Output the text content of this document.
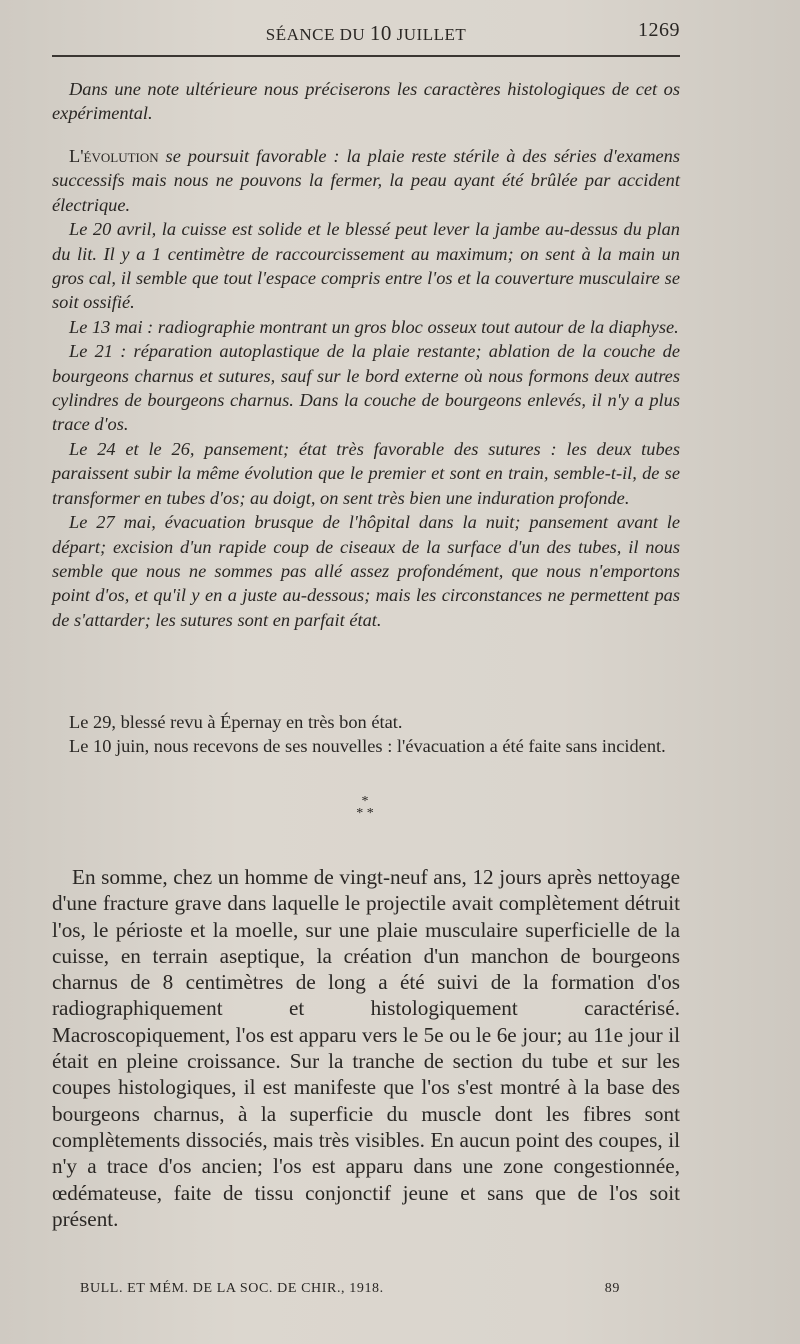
SÉANCE DU 10 JUILLET	1269

Dans une note ultérieure nous préciserons les caractères histologiques de cet os expérimental.

L'évolution se poursuit favorable : la plaie reste stérile à des séries d'examens successifs mais nous ne pouvons la fermer, la peau ayant été brûlée par accident électrique.

Le 20 avril, la cuisse est solide et le blessé peut lever la jambe au-dessus du plan du lit. Il y a 1 centimètre de raccourcissement au maximum; on sent à la main un gros cal, il semble que tout l'espace compris entre l'os et la couverture musculaire se soit ossifié.

Le 13 mai : radiographie montrant un gros bloc osseux tout autour de la diaphyse.

Le 21 : réparation autoplastique de la plaie restante; ablation de la couche de bourgeons charnus et sutures, sauf sur le bord externe où nous formons deux autres cylindres de bourgeons charnus. Dans la couche de bourgeons enlevés, il n'y a plus trace d'os.

Le 24 et le 26, pansement; état très favorable des sutures : les deux tubes paraissent subir la même évolution que le premier et sont en train, semble-t-il, de se transformer en tubes d'os; au doigt, on sent très bien une induration profonde.

Le 27 mai, évacuation brusque de l'hôpital dans la nuit; pansement avant le départ; excision d'un rapide coup de ciseaux de la surface d'un des tubes, il nous semble que nous ne sommes pas allé assez profondément, que nous n'emportons point d'os, et qu'il y en a juste au-dessous; mais les circonstances ne permettent pas de s'attarder; les sutures sont en parfait état.

Le 29, blessé revu à Épernay en très bon état.

Le 10 juin, nous recevons de ses nouvelles : l'évacuation a été faite sans incident.

*
* *

En somme, chez un homme de vingt-neuf ans, 12 jours après nettoyage d'une fracture grave dans laquelle le projectile avait complètement détruit l'os, le périoste et la moelle, sur une plaie musculaire superficielle de la cuisse, en terrain aseptique, la création d'un manchon de bourgeons charnus de 8 centimètres de long a été suivi de la formation d'os radiographiquement et histologiquement caractérisé. Macroscopiquement, l'os est apparu vers le 5e ou le 6e jour; au 11e jour il était en pleine croissance. Sur la tranche de section du tube et sur les coupes histologiques, il est manifeste que l'os s'est montré à la base des bourgeons charnus, à la superficie du muscle dont les fibres sont complètements dissociés, mais très visibles. En aucun point des coupes, il n'y a trace d'os ancien; l'os est apparu dans une zone congestionnée, œdémateuse, faite de tissu conjonctif jeune et sans que de l'os soit présent.

BULL. ET MÉM. DE LA SOC. DE CHIR., 1918.	89
